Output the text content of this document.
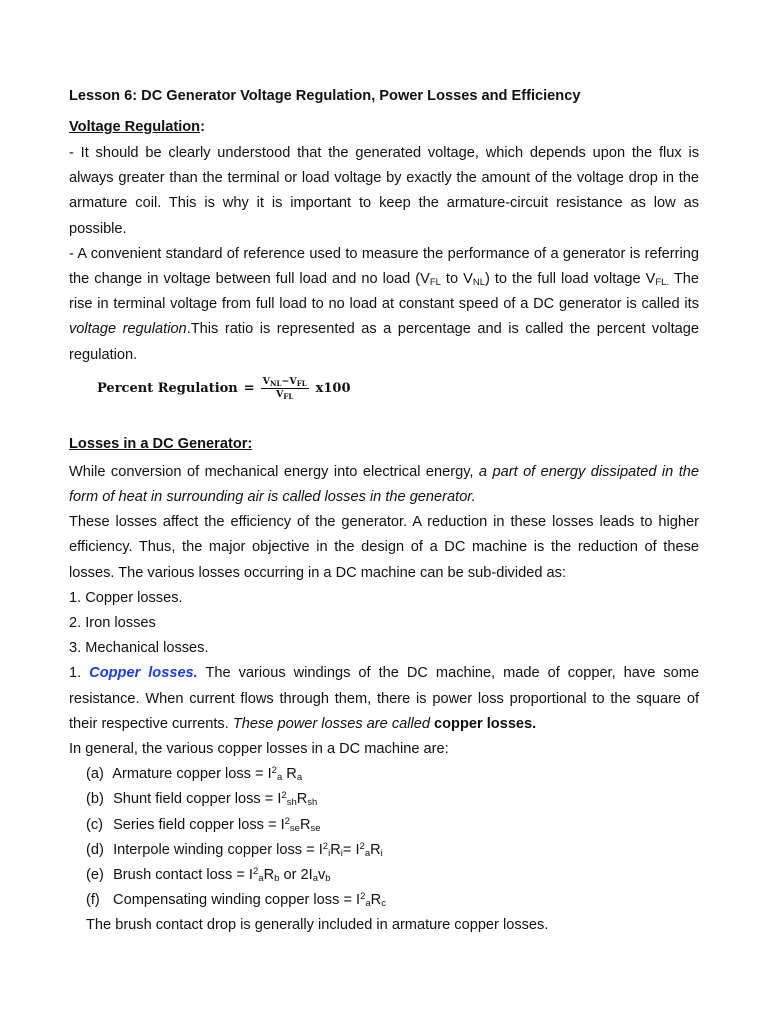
Lesson 6: DC Generator Voltage Regulation, Power Losses and Efficiency

Voltage Regulation:

- It should be clearly understood that the generated voltage, which depends upon the flux is always greater than the terminal or load voltage by exactly the amount of the voltage drop in the armature coil. This is why it is important to keep the armature-circuit resistance as low as possible.

- A convenient standard of reference used to measure the performance of a generator is referring the change in voltage between full load and no load ($V_{FL}$ to $V_{NL}$) to the full load voltage $V_{FL.}$ The rise in terminal voltage from full load to no load at constant speed of a DC generator is called its voltage regulation.This ratio is represented as a percentage and is called the percent voltage regulation.

Percent Regulation = $\frac{V_{NL}-V_{FL}}{V_{FL}} x100$
Losses in a DC Generator:

While conversion of mechanical energy into electrical energy, a part of energy dissipated in the form of heat in surrounding air is called losses in the generator.

These losses affect the efficiency of the generator. A reduction in these losses leads to higher efficiency. Thus, the major objective in the design of a DC machine is the reduction of these losses. The various losses occurring in a DC machine can be sub-divided as:

1. Copper losses.

2. Iron losses

3. Mechanical losses.

1. Copper losses. The various windings of the DC machine, made of copper, have some resistance. When current flows through them, there is power loss proportional to the square of their respective currents. These power losses are called copper losses.

In general, the various copper losses in a DC machine are:

(a) Armature copper loss = $I^2_a$ $R_a$

(b) Shunt field copper loss = $I^2_{sh}R_{sh}$

(c) Series field copper loss = $I^2_{se}R_{se}$

(d) Interpole winding copper loss = $I^2_iR_i= I^2_aR_i$

(e) Brush contact loss = $I^2_aR_b$ or $2I_av_b$

(f) Compensating winding copper loss = $I^2_aR_c$

The brush contact drop is generally included in armature copper losses.
